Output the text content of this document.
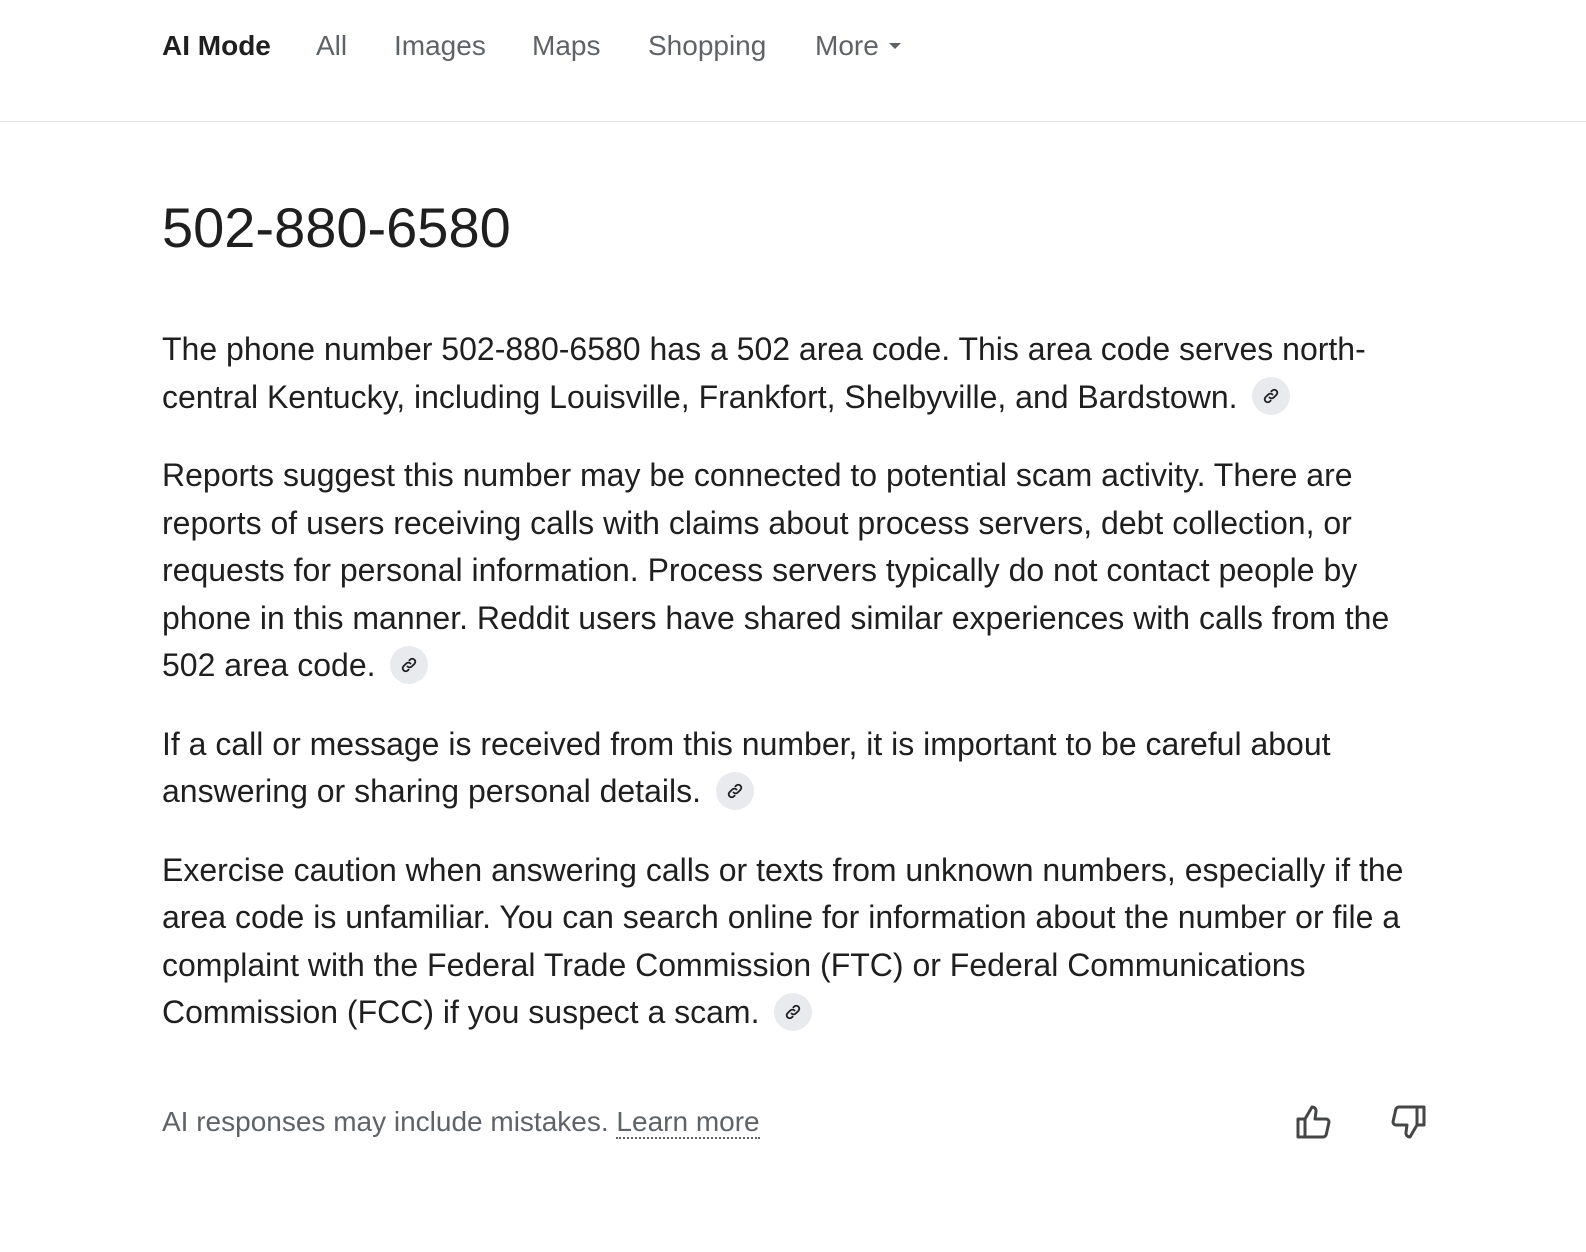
AI Mode All Images Maps Shopping More
502-880-6580

The phone number 502-880-6580 has a 502 area code. This area code serves north-central Kentucky, including Louisville, Frankfort, Shelbyville, and Bardstown.

Reports suggest this number may be connected to potential scam activity. There are reports of users receiving calls with claims about process servers, debt collection, or requests for personal information. Process servers typically do not contact people by phone in this manner. Reddit users have shared similar experiences with calls from the 502 area code.

If a call or message is received from this number, it is important to be careful about answering or sharing personal details.

Exercise caution when answering calls or texts from unknown numbers, especially if the area code is unfamiliar. You can search online for information about the number or file a complaint with the Federal Trade Commission (FTC) or Federal Communications Commission (FCC) if you suspect a scam.

AI responses may include mistakes. Learn more
